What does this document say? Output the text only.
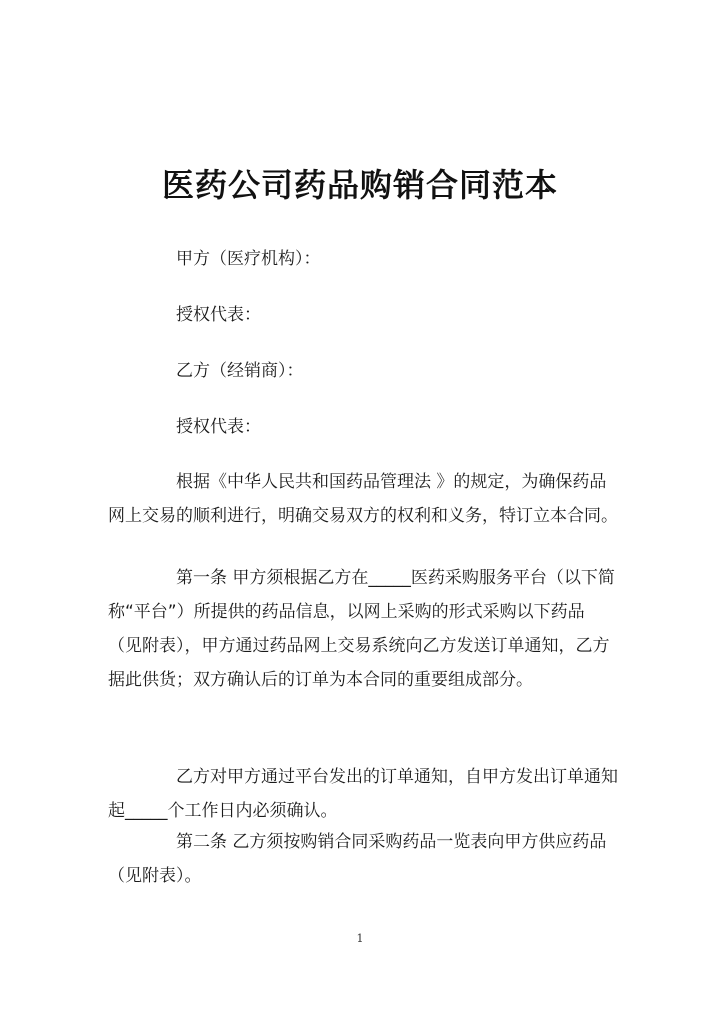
医药公司药品购销合同范本
甲方（医疗机构）：
授权代表：
乙方（经销商）：
授权代表：
根据《中华人民共和国药品管理法 》的规定，为确保药品网上交易的顺利进行，明确交易双方的权利和义务，特订立本合同。
第一条 甲方须根据乙方在_____医药采购服务平台（以下简称“平台”）所提供的药品信息，以网上采购的形式采购以下药品（见附表），甲方通过药品网上交易系统向乙方发送订单通知，乙方据此供货；双方确认后的订单为本合同的重要组成部分。
乙方对甲方通过平台发出的订单通知，自甲方发出订单通知起_____个工作日内必须确认。
第二条 乙方须按购销合同采购药品一览表向甲方供应药品（见附表）。
1
